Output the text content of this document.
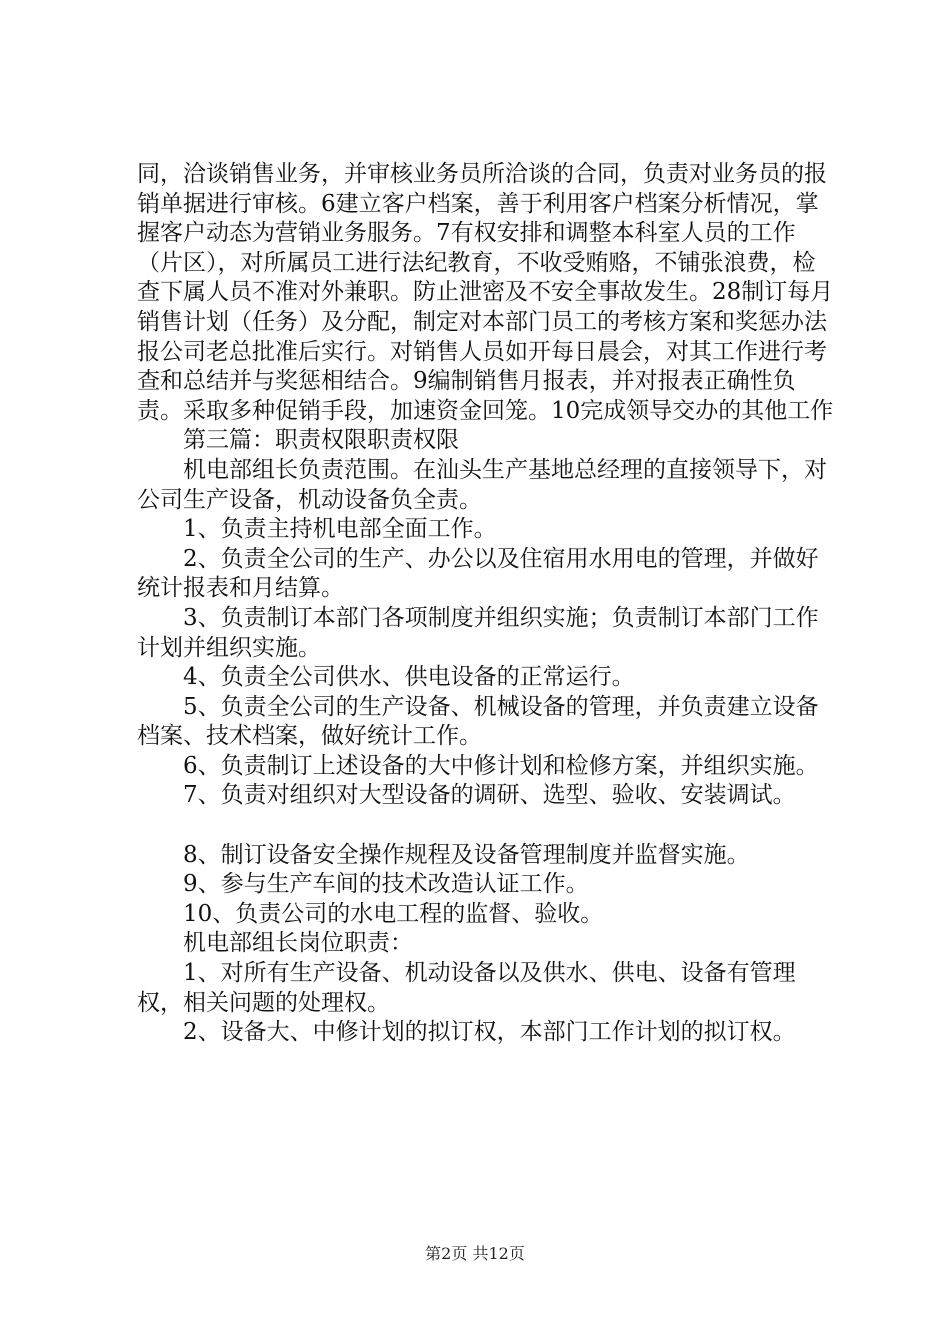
同，洽谈销售业务，并审核业务员所洽谈的合同，负责对业务员的报销单据进行审核。6建立客户档案，善于利用客户档案分析情况，掌握客户动态为营销业务服务。7有权安排和调整本科室人员的工作（片区），对所属员工进行法纪教育，不收受贿赂，不铺张浪费，检查下属人员不准对外兼职。防止泄密及不安全事故发生。28制订每月销售计划（任务）及分配，制定对本部门员工的考核方案和奖惩办法报公司老总批准后实行。对销售人员如开每日晨会，对其工作进行考查和总结并与奖惩相结合。9编制销售月报表，并对报表正确性负责。采取多种促销手段，加速资金回笼。10完成领导交办的其他工作

第三篇：职责权限职责权限

机电部组长负责范围。在汕头生产基地总经理的直接领导下，对公司生产设备，机动设备负全责。

1、负责主持机电部全面工作。

2、负责全公司的生产、办公以及住宿用水用电的管理，并做好统计报表和月结算。

3、负责制订本部门各项制度并组织实施；负责制订本部门工作计划并组织实施。

4、负责全公司供水、供电设备的正常运行。

5、负责全公司的生产设备、机械设备的管理，并负责建立设备档案、技术档案，做好统计工作。

6、负责制订上述设备的大中修计划和检修方案，并组织实施。

7、负责对组织对大型设备的调研、选型、验收、安装调试。

8、制订设备安全操作规程及设备管理制度并监督实施。

9、参与生产车间的技术改造认证工作。

10、负责公司的水电工程的监督、验收。

机电部组长岗位职责：

1、对所有生产设备、机动设备以及供水、供电、设备有管理权，相关问题的处理权。

2、设备大、中修计划的拟订权，本部门工作计划的拟订权。

第2页 共12页
